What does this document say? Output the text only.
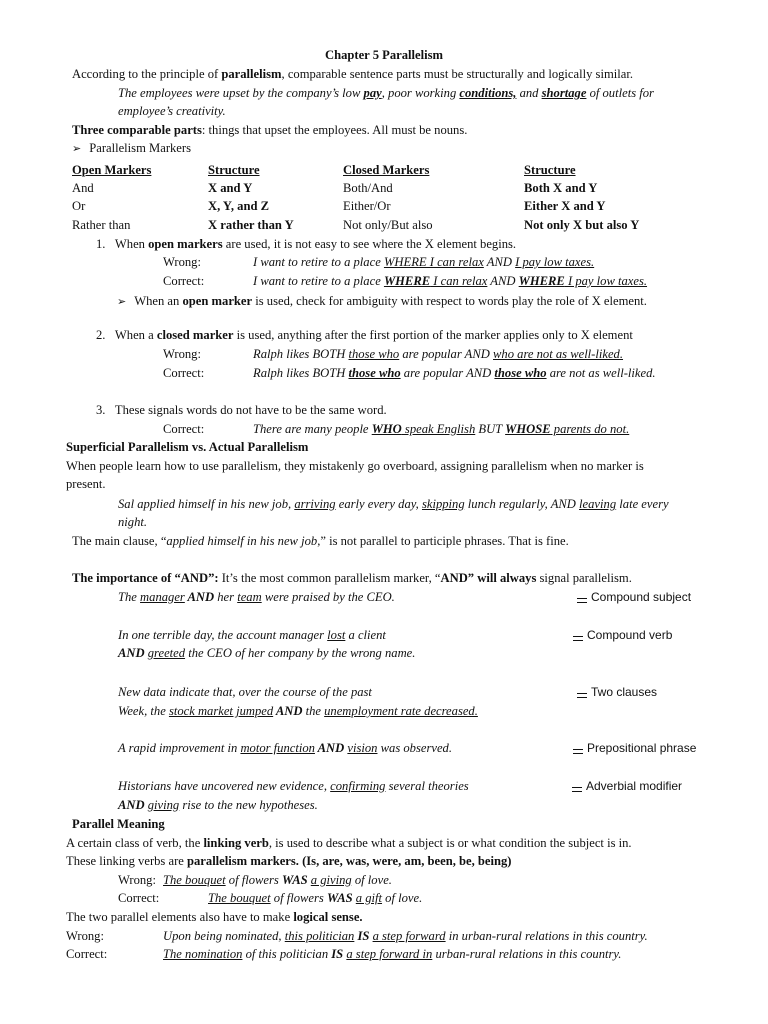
Chapter 5 Parallelism
According to the principle of parallelism, comparable sentence parts must be structurally and logically similar.
The employees were upset by the company’s low pay, poor working conditions, and shortage of outlets for
employee’s creativity.
Three comparable parts: things that upset the employees. All must be nouns.
➢ Parallelism Markers
Open Markers	Structure	Closed Markers	Structure
And	X and Y	Both/And	Both X and Y
Or	X, Y, and Z	Either/Or	Either X and Y
Rather than	X rather than Y	Not only/But also	Not only X but also Y
1. When open markers are used, it is not easy to see where the X element begins.
Wrong:	I want to retire to a place WHERE I can relax AND I pay low taxes.
Correct:	I want to retire to a place WHERE I can relax AND WHERE I pay low taxes.
➢ When an open marker is used, check for ambiguity with respect to words play the role of X element.
2. When a closed marker is used, anything after the first portion of the marker applies only to X element
Wrong:	Ralph likes BOTH those who are popular AND who are not as well-liked.
Correct:	Ralph likes BOTH those who are popular AND those who are not as well-liked.
3. These signals words do not have to be the same word.
Correct:	There are many people WHO speak English BUT WHOSE parents do not.
Superficial Parallelism vs. Actual Parallelism
When people learn how to use parallelism, they mistakenly go overboard, assigning parallelism when no marker is
present.
Sal applied himself in his new job, arriving early every day, skipping lunch regularly, AND leaving late every
night.
The main clause, “applied himself in his new job,” is not parallel to participle phrases. That is fine.
The importance of “AND”: It’s the most common parallelism marker, “AND” will always signal parallelism.
The manager AND her team were praised by the CEO.	Compound subject
In one terrible day, the account manager lost a client
AND greeted the CEO of her company by the wrong name.
Compound verb
New data indicate that, over the course of the past
Week, the stock market jumped AND the unemployment rate decreased.
Two clauses
A rapid improvement in motor function AND vision was observed.	Prepositional phrase
Historians have uncovered new evidence, confirming several theories
AND giving rise to the new hypotheses.
Adverbial modifier
Parallel Meaning
A certain class of verb, the linking verb, is used to describe what a subject is or what condition the subject is in.
These linking verbs are parallelism markers. (Is, are, was, were, am, been, be, being)
Wrong: The bouquet of flowers WAS a giving of love.
Correct:	The bouquet of flowers WAS a gift of love.
The two parallel elements also have to make logical sense.
Wrong:	Upon being nominated, this politician IS a step forward in urban-rural relations in this country.
Correct:	The nomination of this politician IS a step forward in urban-rural relations in this country.
